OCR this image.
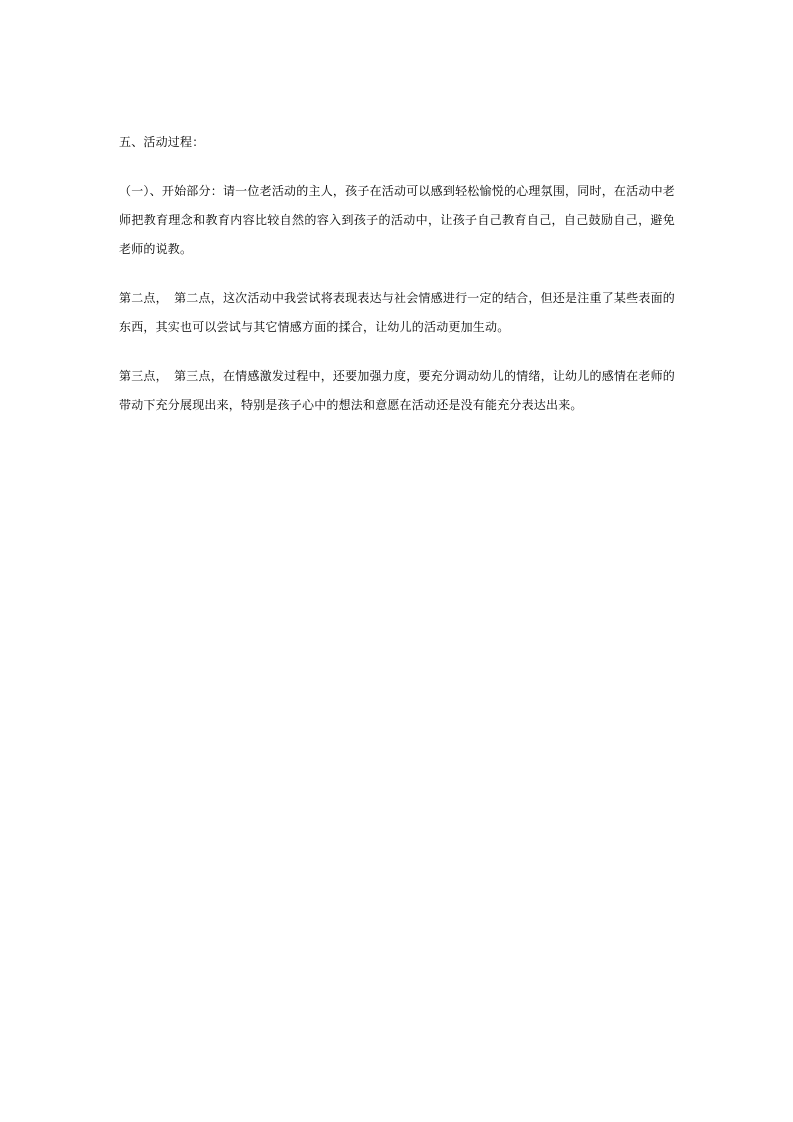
五、活动过程：

（一）、开始部分：请一位老活动的主人，孩子在活动可以感到轻松愉悦的心理氛围，同时，在活动中老师把教育理念和教育内容比较自然的容入到孩子的活动中，让孩子自己教育自己，自己鼓励自己，避免老师的说教。

第二点，　第二点，这次活动中我尝试将表现表达与社会情感进行一定的结合，但还是注重了某些表面的东西，其实也可以尝试与其它情感方面的揉合，让幼儿的活动更加生动。

第三点，　第三点，在情感激发过程中，还要加强力度，要充分调动幼儿的情绪，让幼儿的感情在老师的带动下充分展现出来，特别是孩子心中的想法和意愿在活动还是没有能充分表达出来。
